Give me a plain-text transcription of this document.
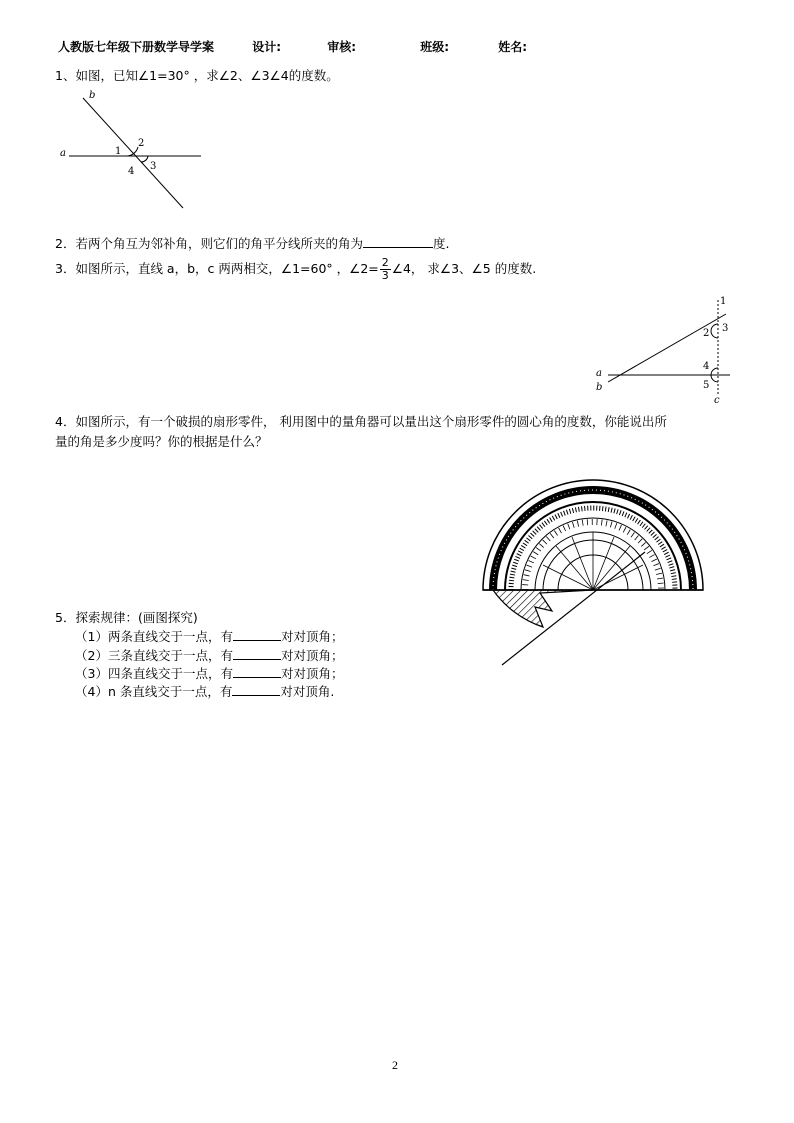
人教版七年级下册数学导学案	设计:	审核:	班级:	姓名:
1、如图，已知∠1=30° ，求∠2、∠3∠4的度数。
b
a	1
2
3
4
2．若两个角互为邻补角，则它们的角平分线所夹的角为	度.
3．如图所示，直线 a，b，c 两两相交，∠1=60° ，∠2= $\frac{2}{3}$ ∠4， 求∠3、∠5 的度数.
1
2 3
4
5
a
b
c
4．如图所示，有一个破损的扇形零件， 利用图中的量角器可以量出这个扇形零件的圆心角的度数，你能说出所
量的角是多少度吗？你的根据是什么？
5．探索规律：(画图探究)
（1）两条直线交于一点，有	对对顶角；
（2）三条直线交于一点，有	对对顶角；
（3）四条直线交于一点，有	对对顶角；
（4）n 条直线交于一点，有	对对顶角.
2
